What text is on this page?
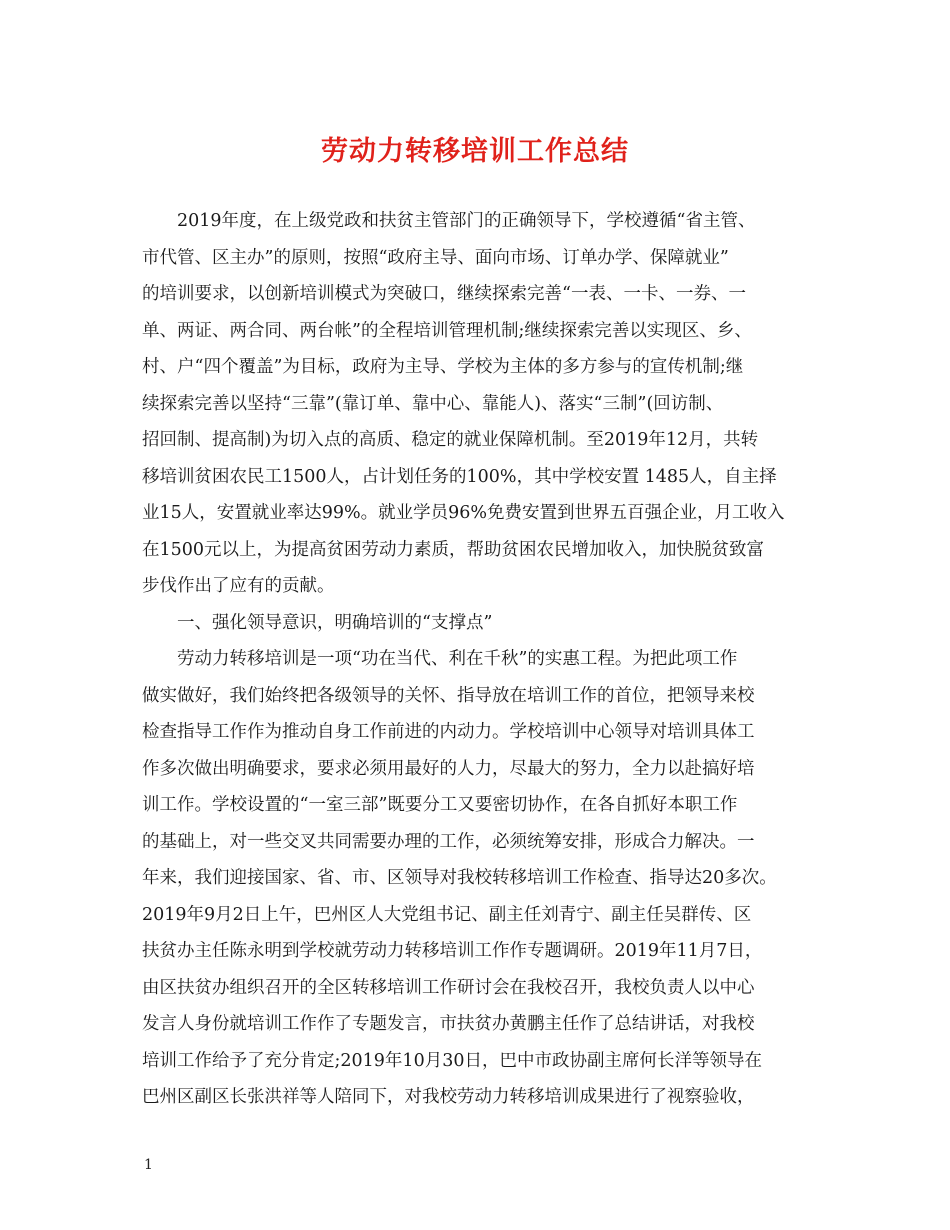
劳动力转移培训工作总结

　　2019年度，在上级党政和扶贫主管部门的正确领导下，学校遵循“省主管、

市代管、区主办”的原则，按照“政府主导、面向市场、订单办学、保障就业”

的培训要求，以创新培训模式为突破口，继续探索完善“一表、一卡、一券、一

单、两证、两合同、两台帐”的全程培训管理机制;继续探索完善以实现区、乡、

村、户“四个覆盖”为目标，政府为主导、学校为主体的多方参与的宣传机制;继

续探索完善以坚持“三靠”(靠订单、靠中心、靠能人)、落实“三制”(回访制、

招回制、提高制)为切入点的高质、稳定的就业保障机制。至2019年12月，共转

移培训贫困农民工1500人，占计划任务的100%，其中学校安置 1485人，自主择

业15人，安置就业率达99%。就业学员96%免费安置到世界五百强企业，月工收入

在1500元以上，为提高贫困劳动力素质，帮助贫困农民增加收入，加快脱贫致富

步伐作出了应有的贡献。

　　一、强化领导意识，明确培训的“支撑点”

　　劳动力转移培训是一项“功在当代、利在千秋”的实惠工程。为把此项工作

做实做好，我们始终把各级领导的关怀、指导放在培训工作的首位，把领导来校

检查指导工作作为推动自身工作前进的内动力。学校培训中心领导对培训具体工

作多次做出明确要求，要求必须用最好的人力，尽最大的努力，全力以赴搞好培

训工作。学校设置的“一室三部”既要分工又要密切协作，在各自抓好本职工作

的基础上，对一些交叉共同需要办理的工作，必须统筹安排，形成合力解决。一

年来，我们迎接国家、省、市、区领导对我校转移培训工作检查、指导达20多次。

2019年9月2日上午，巴州区人大党组书记、副主任刘青宁、副主任吴群传、区

扶贫办主任陈永明到学校就劳动力转移培训工作作专题调研。2019年11月7日，

由区扶贫办组织召开的全区转移培训工作研讨会在我校召开，我校负责人以中心

发言人身份就培训工作作了专题发言，市扶贫办黄鹏主任作了总结讲话，对我校

培训工作给予了充分肯定;2019年10月30日，巴中市政协副主席何长洋等领导在

巴州区副区长张洪祥等人陪同下，对我校劳动力转移培训成果进行了视察验收，

1
